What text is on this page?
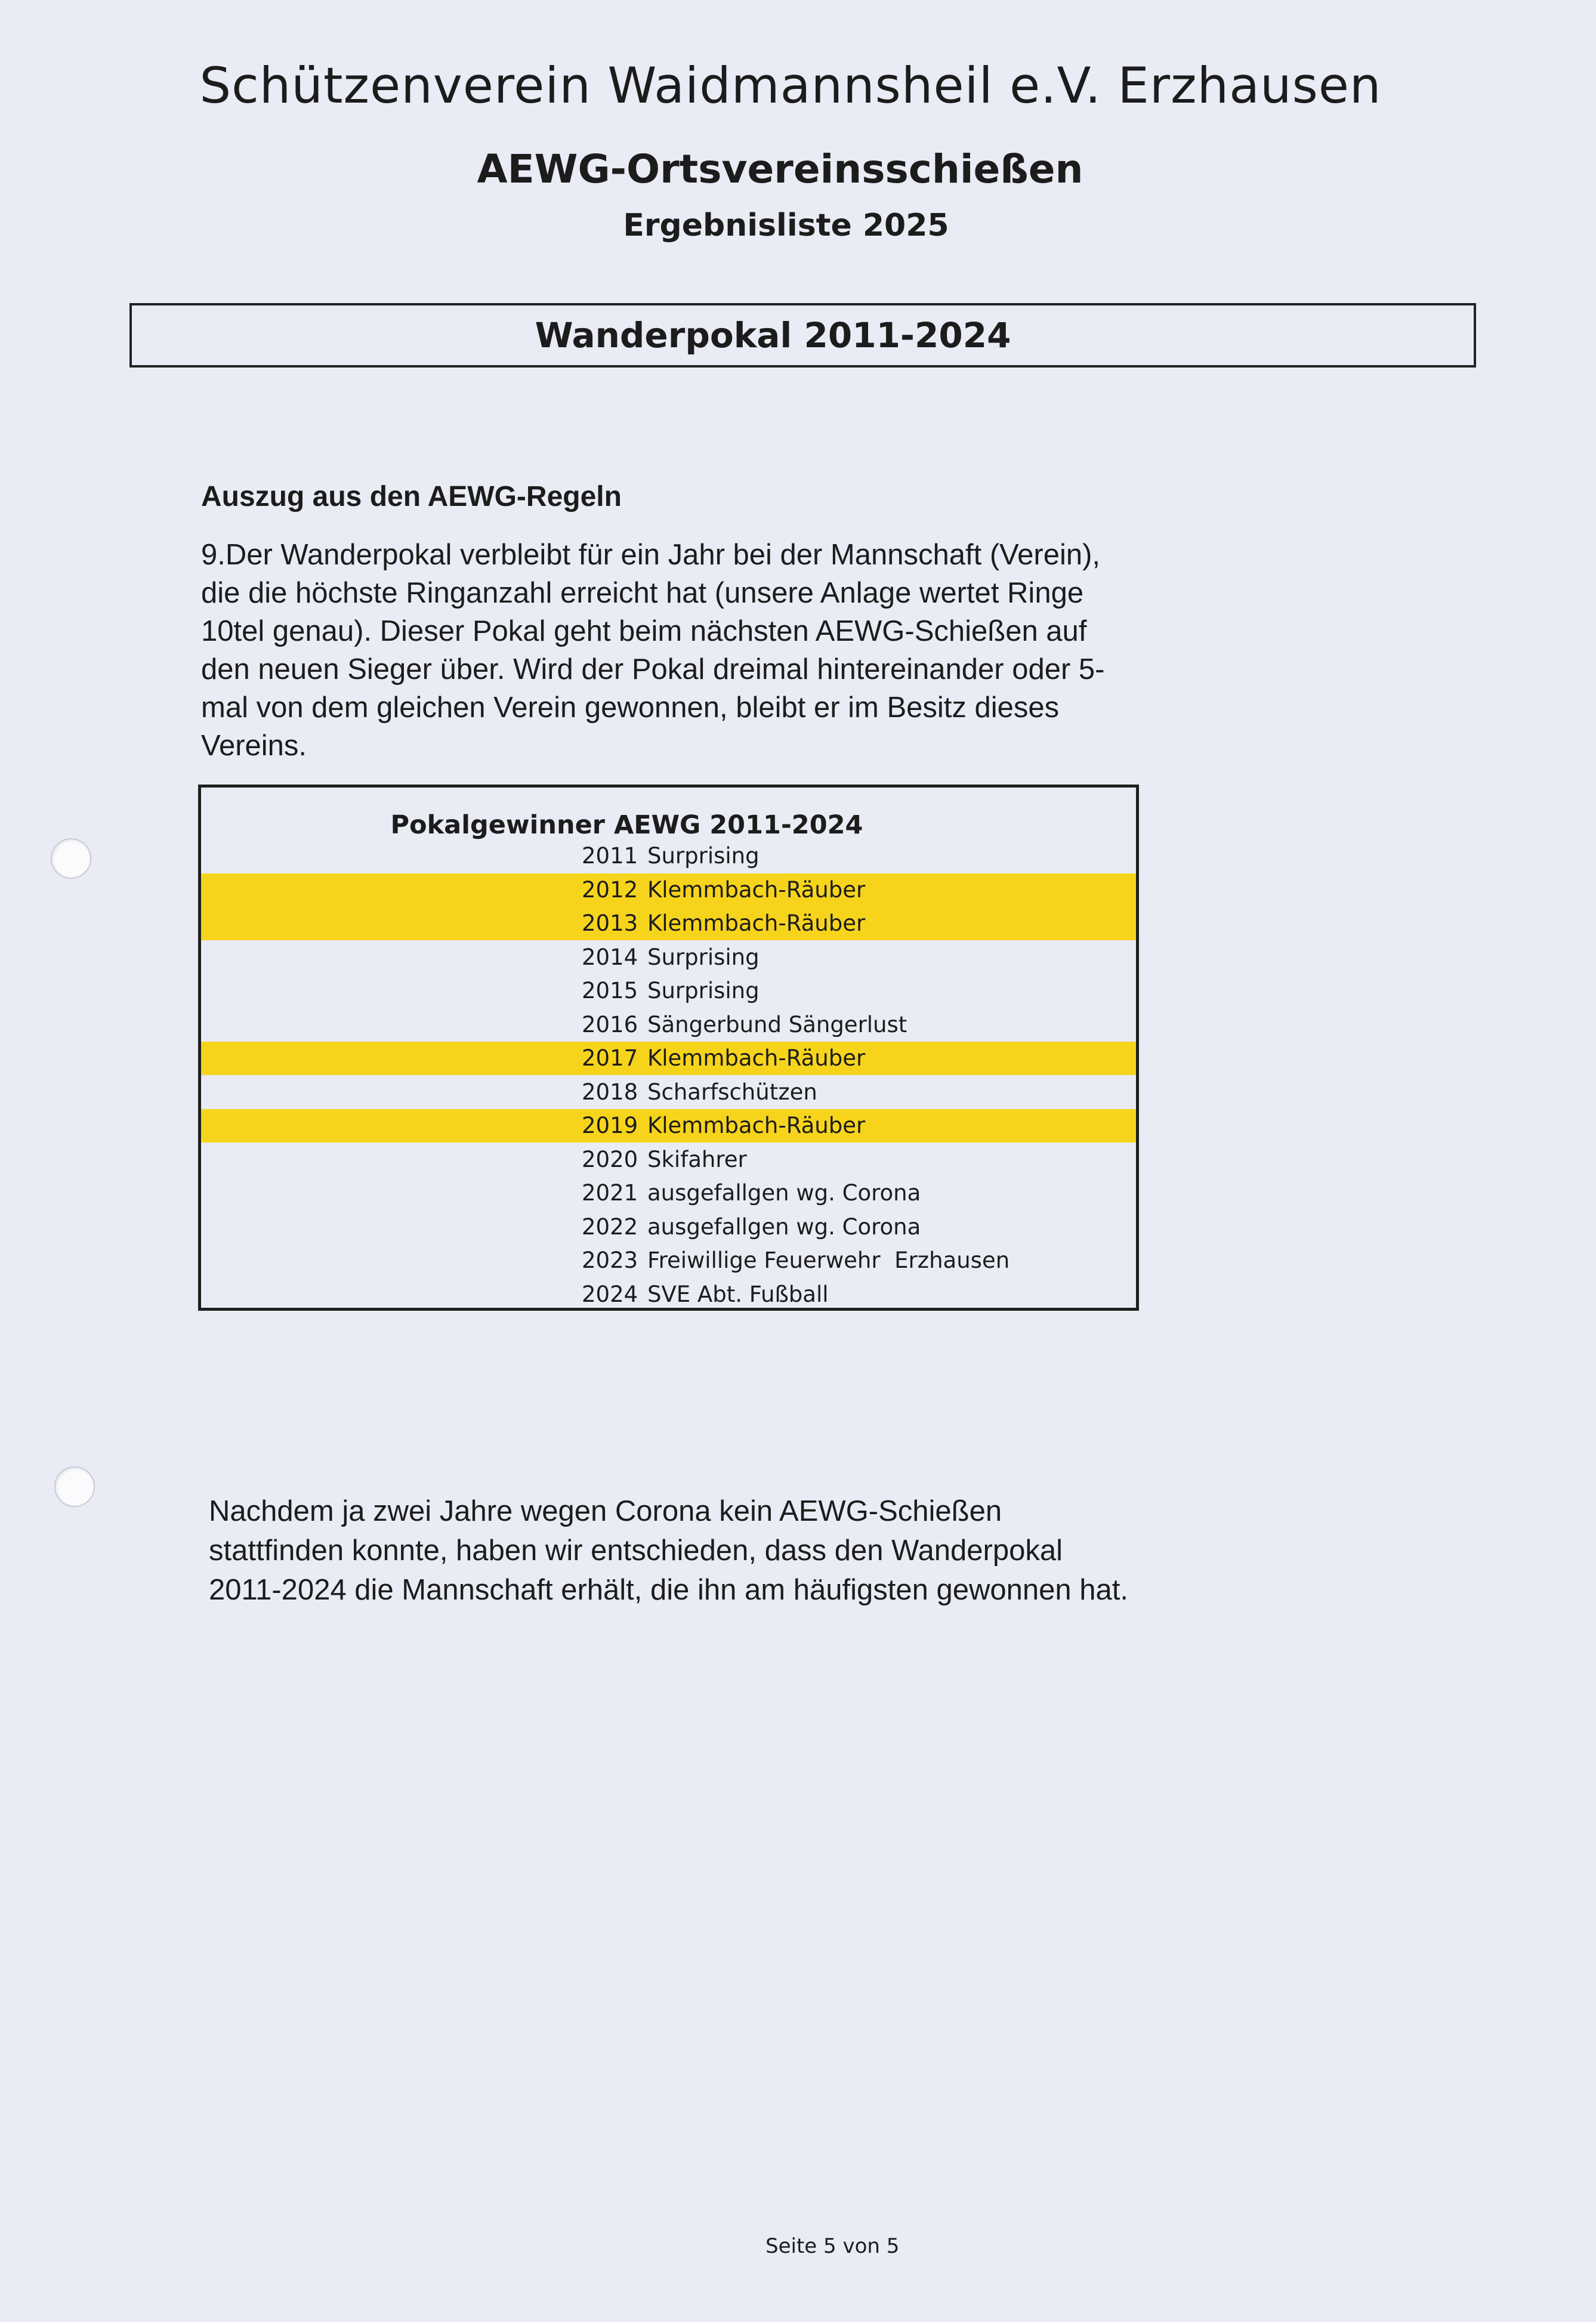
Schützenverein Waidmannsheil e.V. Erzhausen
AEWG-Ortsvereinsschießen
Ergebnisliste 2025
Wanderpokal 2011-2024
Auszug aus den AEWG-Regeln
9.Der Wanderpokal verbleibt für ein Jahr bei der Mannschaft (Verein), die die höchste Ringanzahl erreicht hat (unsere Anlage wertet Ringe 10tel genau). Dieser Pokal geht beim nächsten AEWG-Schießen auf den neuen Sieger über. Wird der Pokal dreimal hintereinander oder 5-mal von dem gleichen Verein gewonnen, bleibt er im Besitz dieses Vereins.
Pokalgewinner AEWG 2011-2024
2011 Surprising
2012 Klemmbach-Räuber
2013 Klemmbach-Räuber
2014 Surprising
2015 Surprising
2016 Sängerbund Sängerlust
2017 Klemmbach-Räuber
2018 Scharfschützen
2019 Klemmbach-Räuber
2020 Skifahrer
2021 ausgefallgen wg. Corona
2022 ausgefallgen wg. Corona
2023 Freiwillige Feuerwehr  Erzhausen
2024 SVE Abt. Fußball
Nachdem ja zwei Jahre wegen Corona kein AEWG-Schießen stattfinden konnte, haben wir entschieden, dass den Wanderpokal 2011-2024 die Mannschaft erhält, die ihn am häufigsten gewonnen hat.
Seite 5 von 5
